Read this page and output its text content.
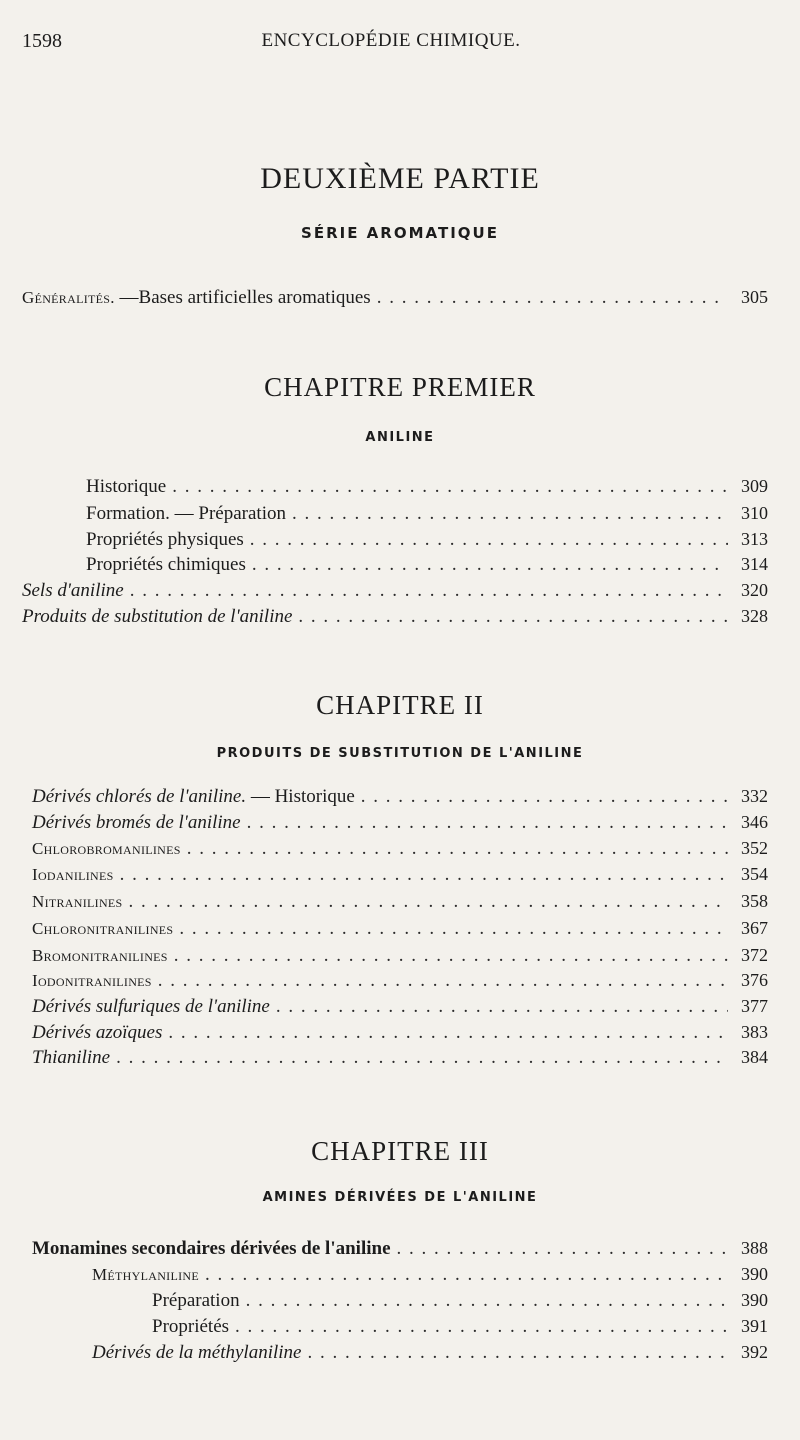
1598	ENCYCLOPÉDIE CHIMIQUE.
DEUXIÈME PARTIE
SÉRIE AROMATIQUE
Généralités. —Bases artificielles aromatiques . . .	305
CHAPITRE PREMIER
ANILINE
Historique . . .	309
Formation. — Préparation . . .	310
Propriétés physiques . . .	313
Propriétés chimiques . . .	314
Sels d'aniline . . .	320
Produits de substitution de l'aniline . . .	328
CHAPITRE II
PRODUITS DE SUBSTITUTION DE L'ANILINE
Dérivés chlorés de l'aniline. — Historique . . .	332
Dérivés bromés de l'aniline . . .	346
Chlorobromanilines . . .	352
Iodanilines . . .	354
Nitranilines . . .	358
Chloronitranilines . . .	367
Bromonitranilines . . .	372
Iodonitranilines . . .	376
Dérivés sulfuriques de l'aniline . . .	377
Dérivés azoïques . . .	383
Thianiline . . .	384
CHAPITRE III
AMINES DÉRIVÉES DE L'ANILINE
Monamines secondaires dérivées de l'aniline . . .	388
Méthylaniline . . .	390
Préparation . . .	390
Propriétés . . .	391
Dérivés de la méthylaniline . . .	392
